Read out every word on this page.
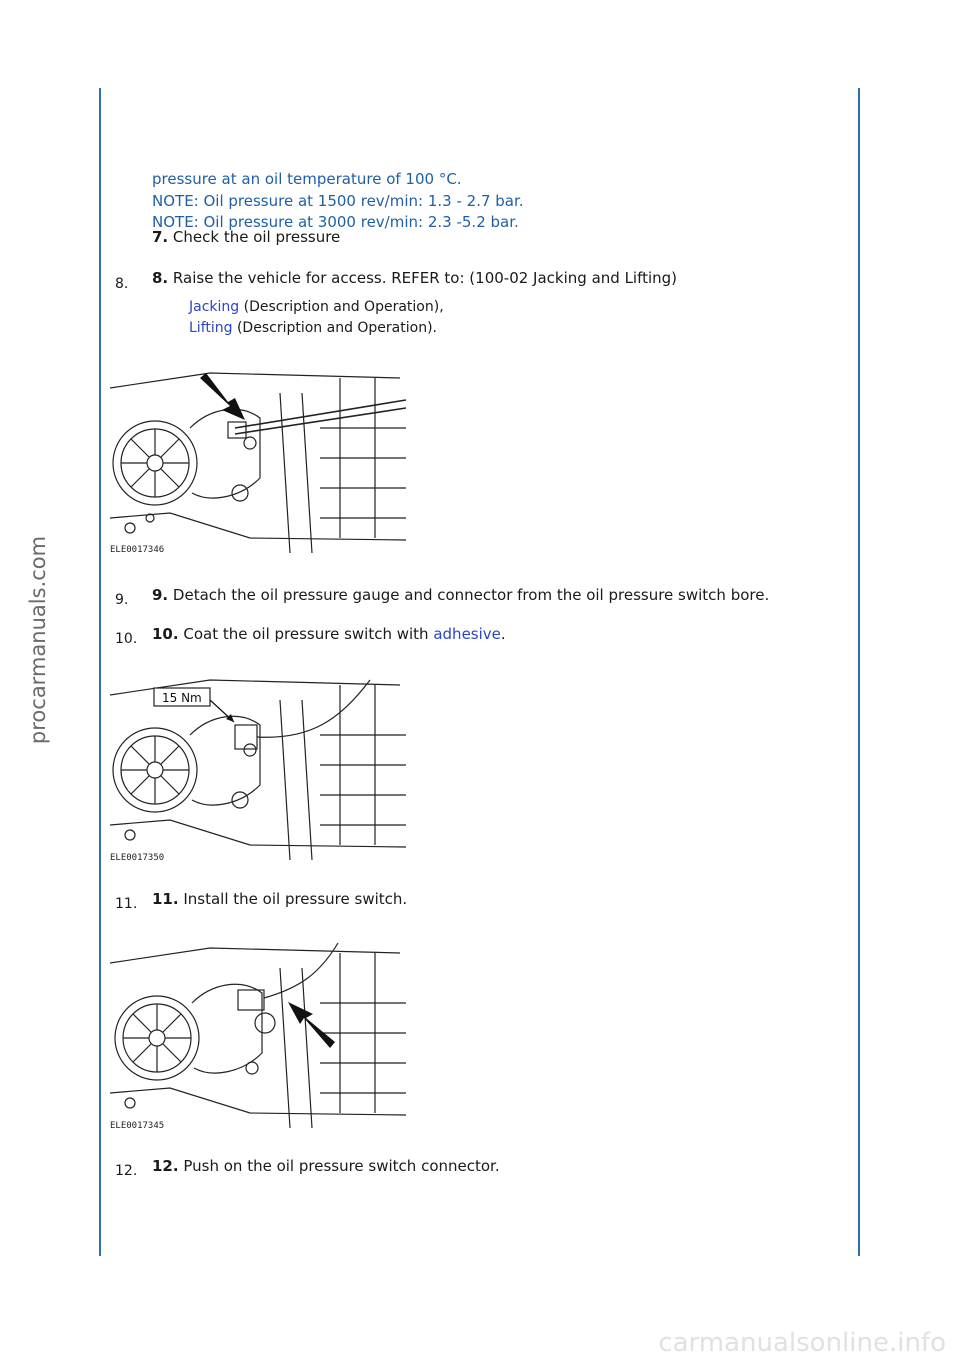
procarmanuals.com
carmanualsonline.info
pressure at an oil temperature of 100 °C.
NOTE: Oil pressure at 1500 rev/min: 1.3 - 2.7 bar.
NOTE: Oil pressure at 3000 rev/min: 2.3 -5.2 bar.
7. Check the oil pressure
8. 8. Raise the vehicle for access. REFER to: (100-02 Jacking and Lifting)
Jacking (Description and Operation),
Lifting (Description and Operation).
ELE0017346
9. 9. Detach the oil pressure gauge and connector from the oil pressure switch bore.
10. 10. Coat the oil pressure switch with adhesive.
15 Nm
ELE0017350
11. 11. Install the oil pressure switch.
ELE0017345
12. 12. Push on the oil pressure switch connector.
